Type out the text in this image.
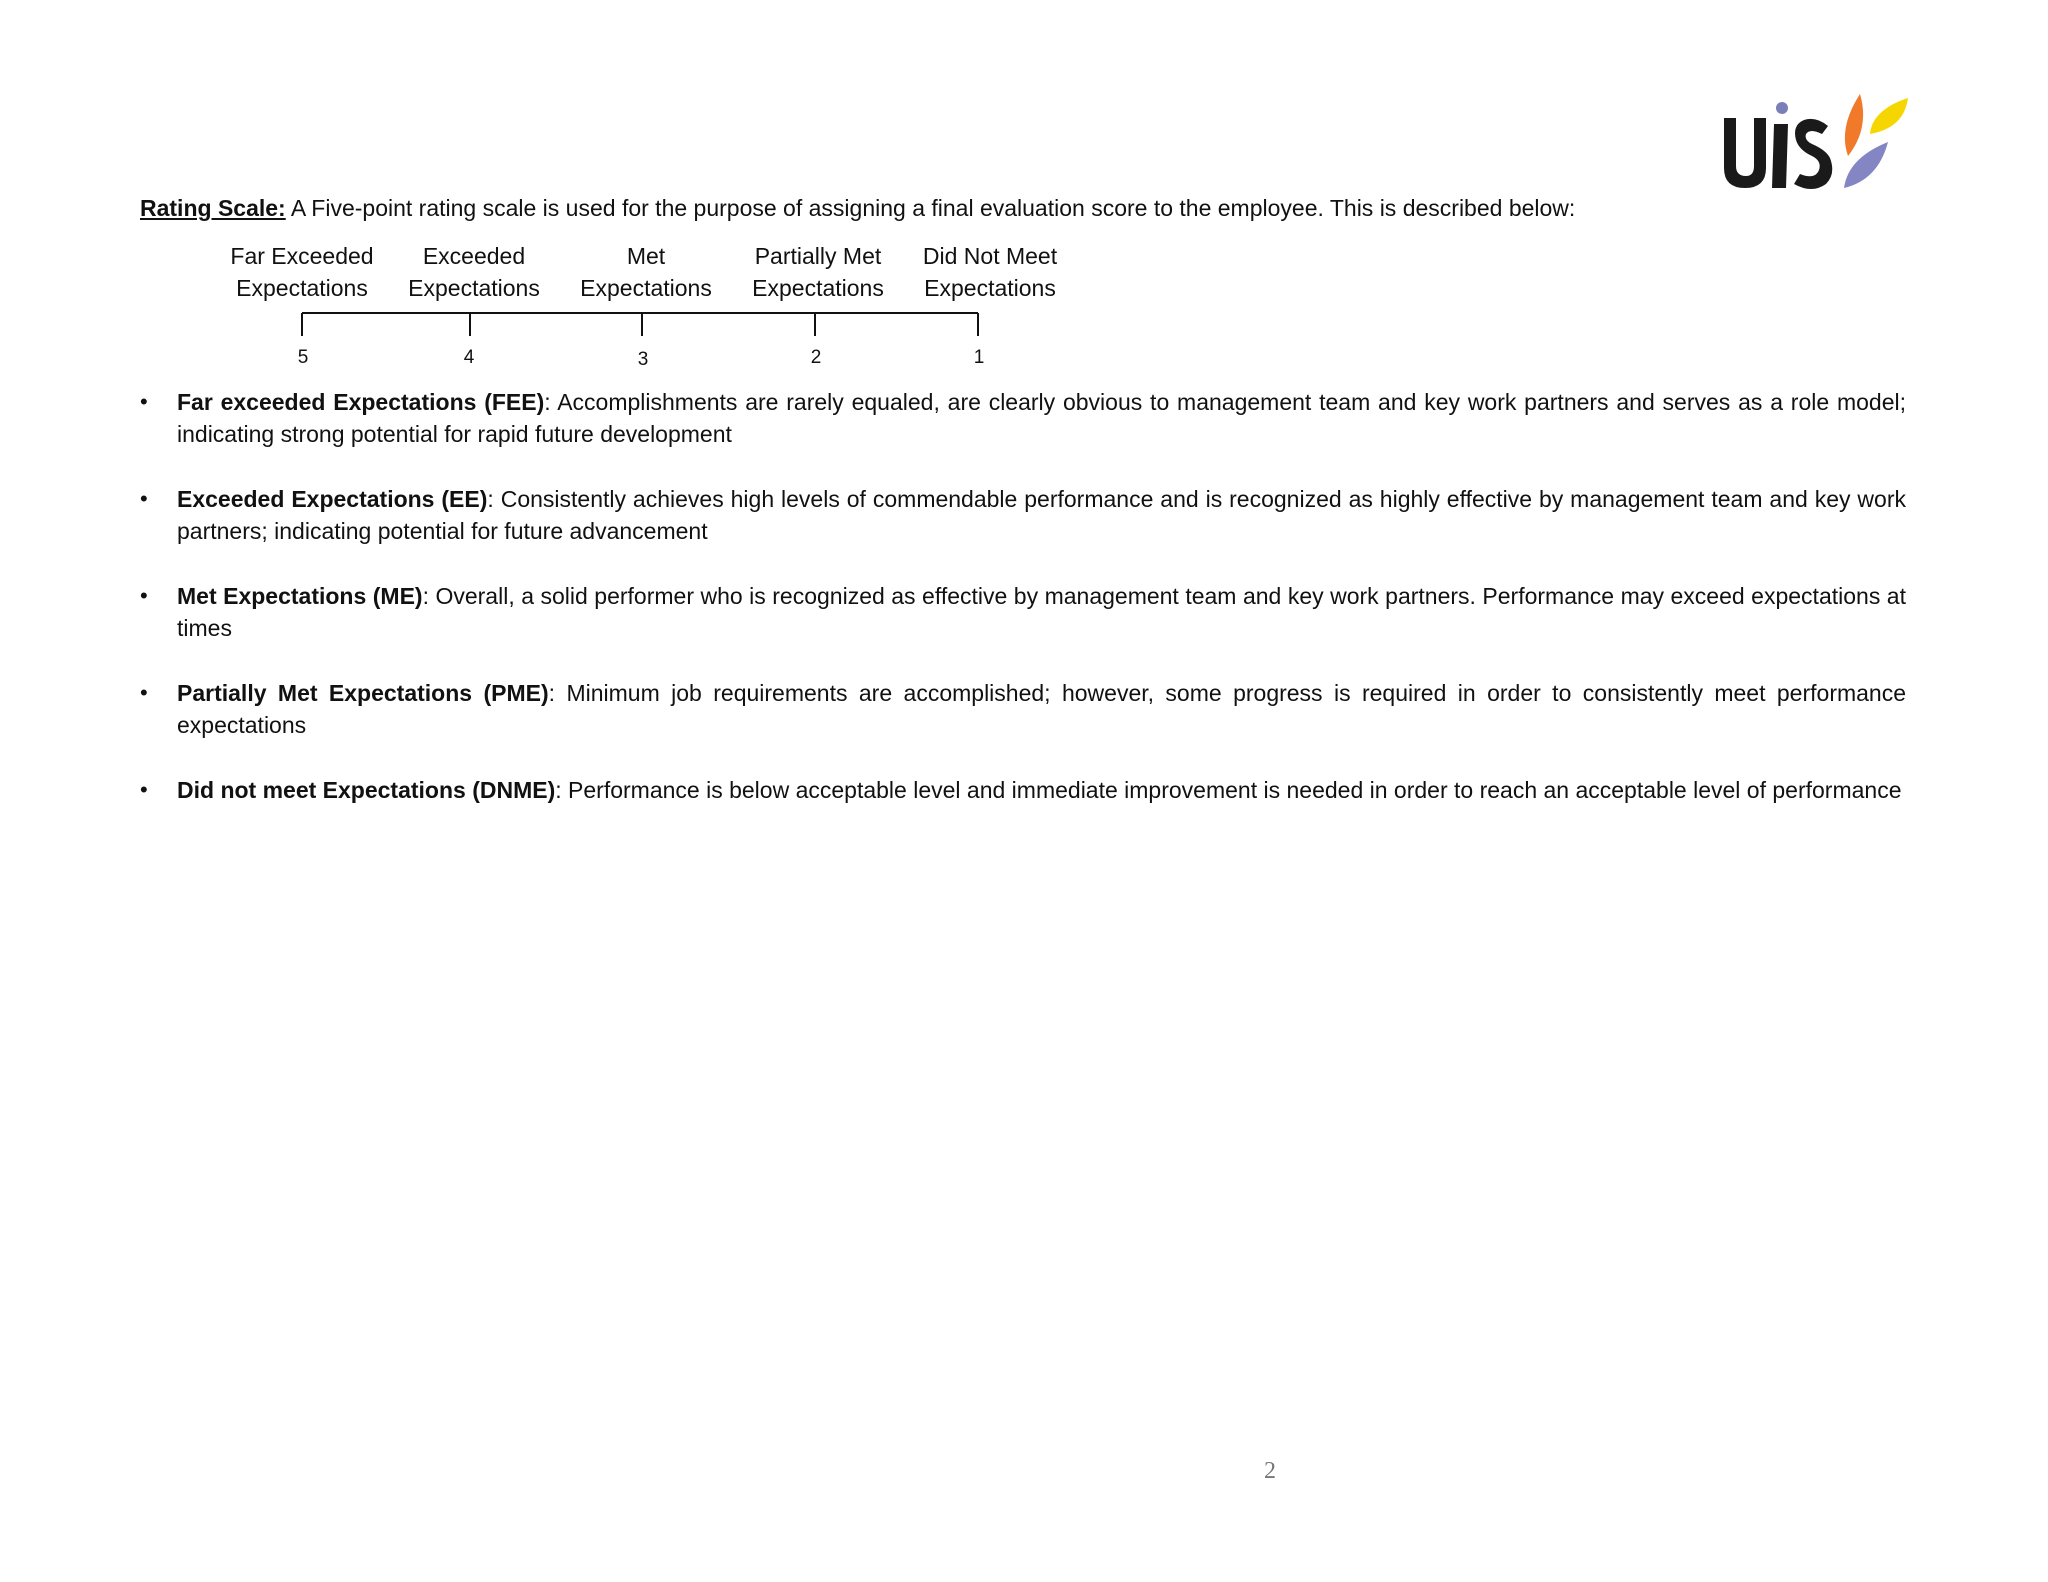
Rating Scale: A Five-point rating scale is used for the purpose of assigning a final evaluation score to the employee. This is described below:
Far Exceeded
Expectations
Exceeded
Expectations
Met
Expectations
Partially Met
Expectations
Did Not Meet
Expectations
5	4	3	2	1
•	Far exceeded Expectations (FEE): Accomplishments are rarely equaled, are clearly obvious to management team and key work partners and serves as a role model; indicating strong potential for rapid future development
•	Exceeded Expectations (EE): Consistently achieves high levels of commendable performance and is recognized as highly effective by management team and key work partners; indicating potential for future advancement
•	Met Expectations (ME): Overall, a solid performer who is recognized as effective by management team and key work partners. Performance may exceed expectations at times
•	Partially Met Expectations (PME): Minimum job requirements are accomplished; however, some progress is required in order to consistently meet performance expectations
•	Did not meet Expectations (DNME): Performance is below acceptable level and immediate improvement is needed in order to reach an acceptable level of performance
2
